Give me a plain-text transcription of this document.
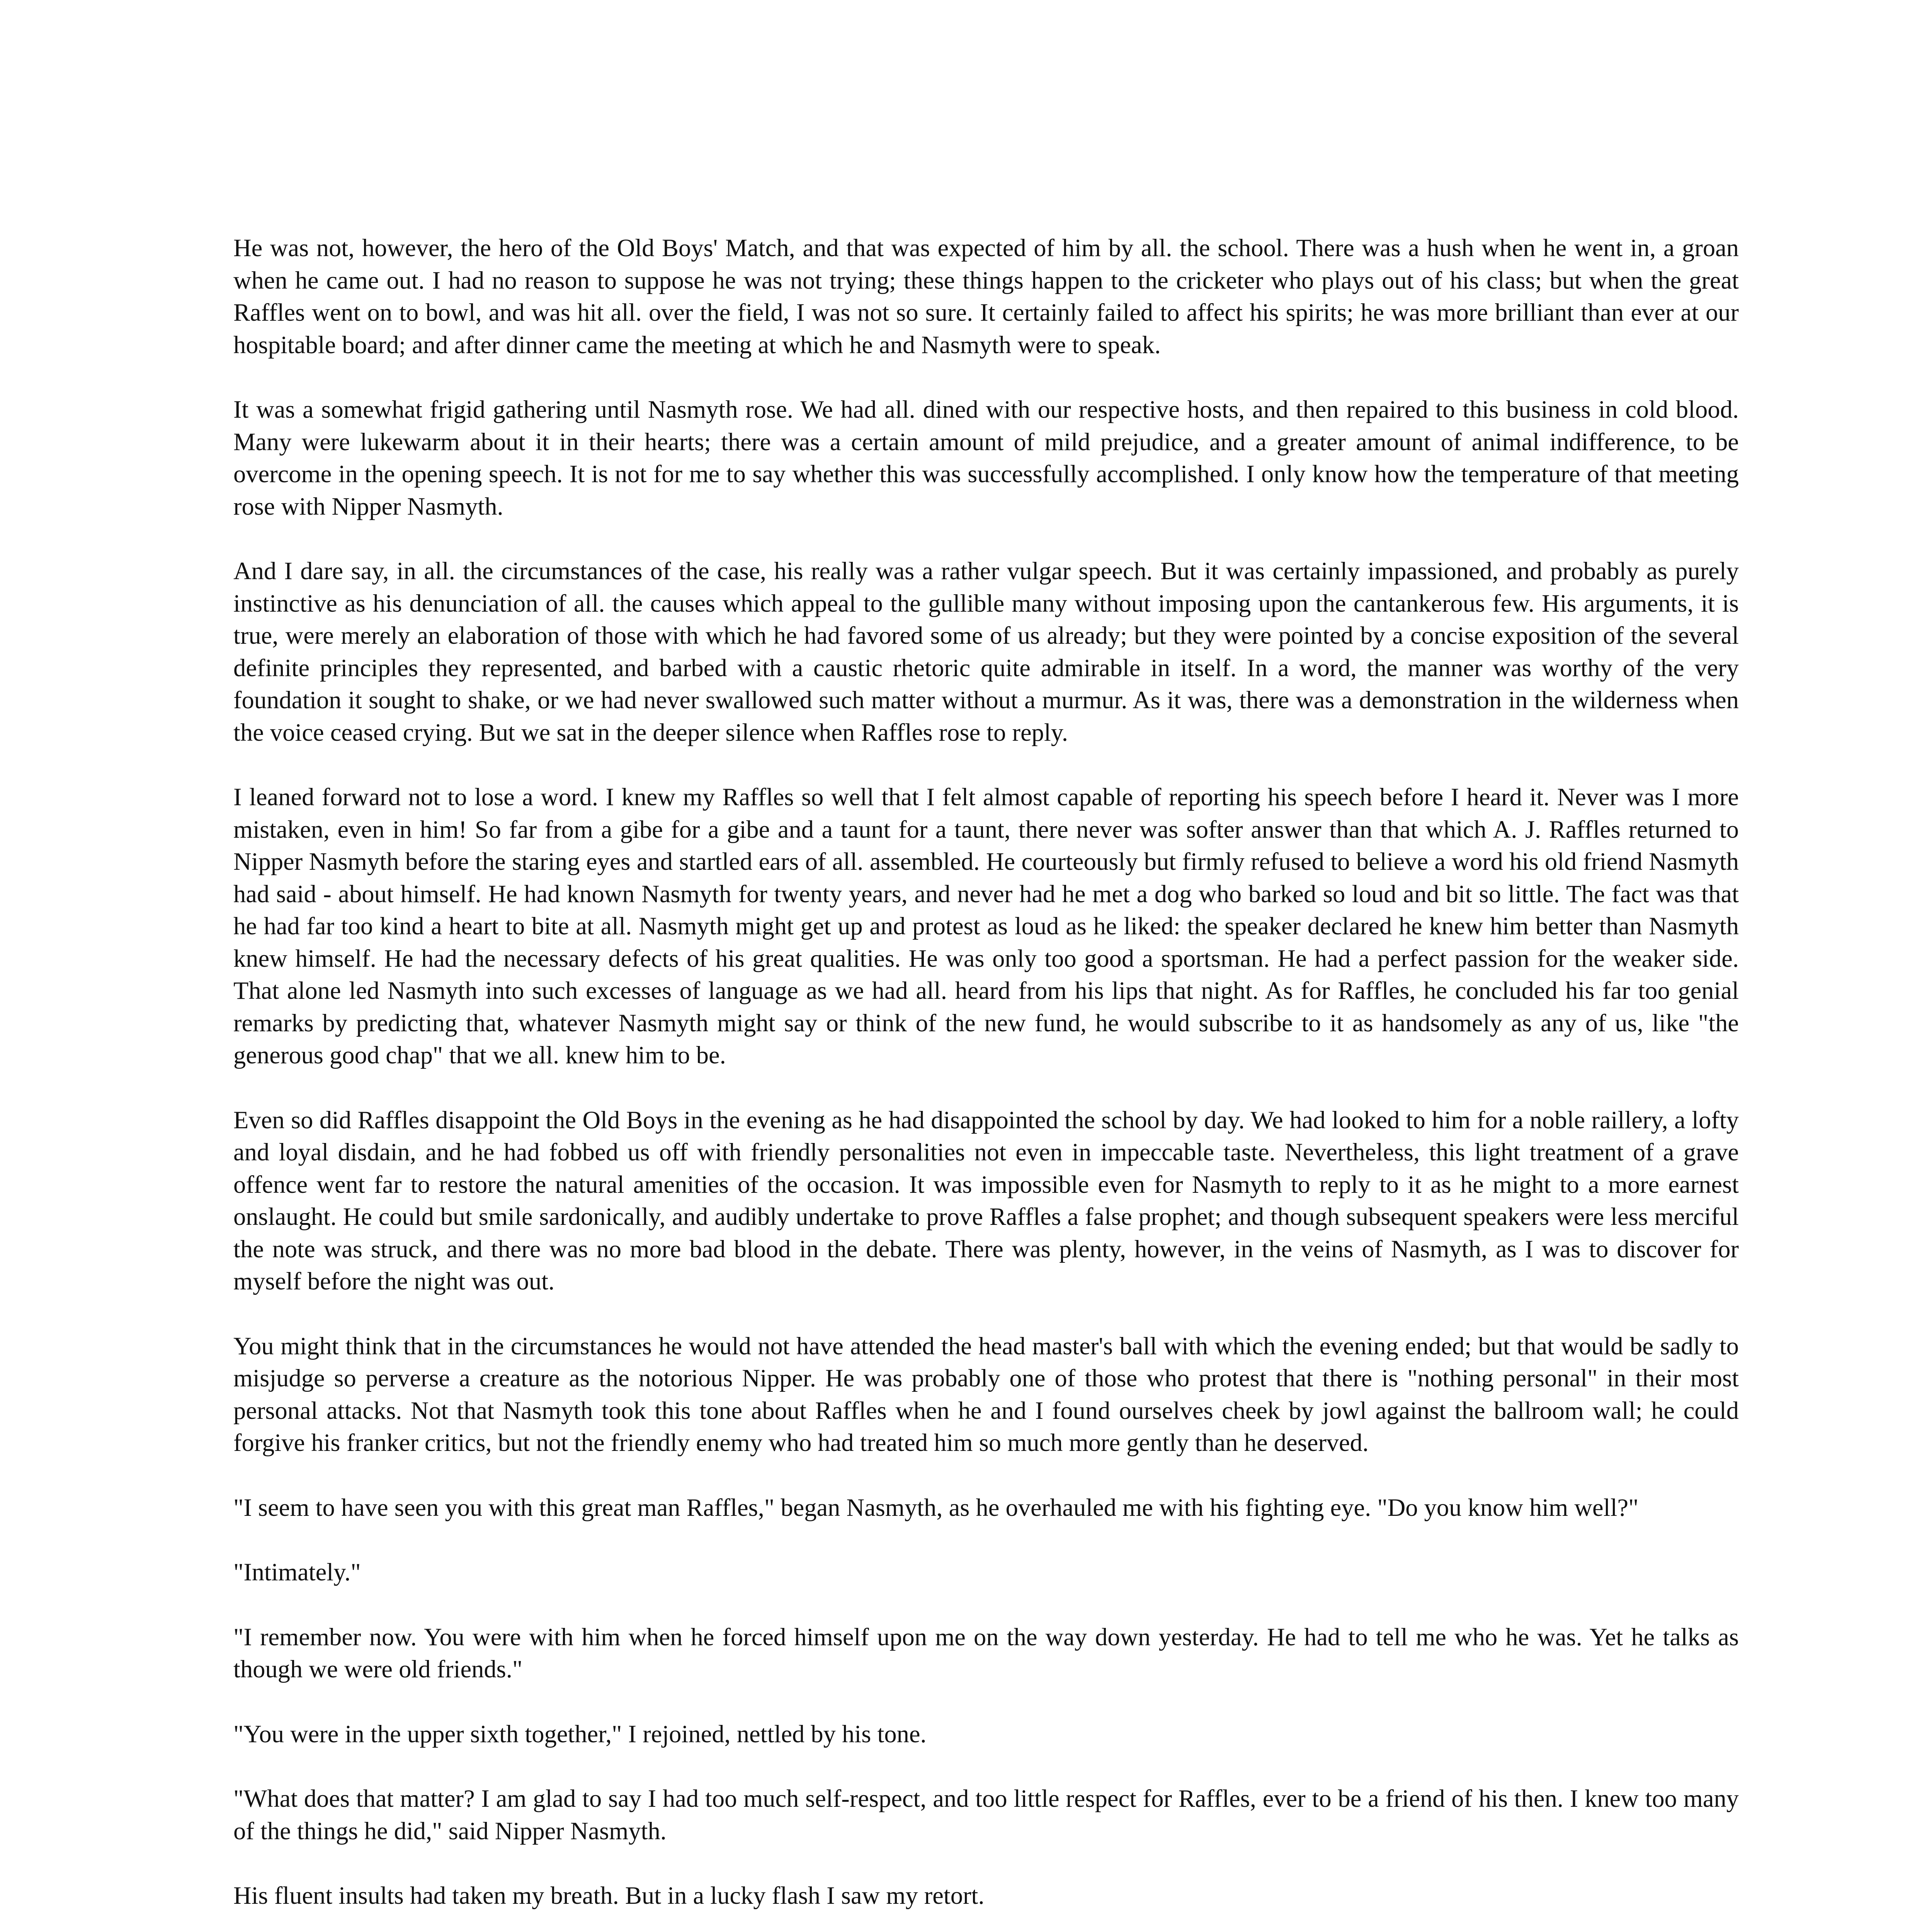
He was not, however, the hero of the Old Boys' Match, and that was expected of him by all. the school. There was a hush when he went in, a groan when he came out. I had no reason to suppose he was not trying; these things happen to the cricketer who plays out of his class; but when the great Raffles went on to bowl, and was hit all. over the field, I was not so sure. It certainly failed to affect his spirits; he was more brilliant than ever at our hospitable board; and after dinner came the meeting at which he and Nasmyth were to speak.

It was a somewhat frigid gathering until Nasmyth rose. We had all. dined with our respective hosts, and then repaired to this business in cold blood. Many were lukewarm about it in their hearts; there was a certain amount of mild prejudice, and a greater amount of animal indifference, to be overcome in the opening speech. It is not for me to say whether this was successfully accomplished. I only know how the temperature of that meeting rose with Nipper Nasmyth.

And I dare say, in all. the circumstances of the case, his really was a rather vulgar speech. But it was certainly impassioned, and probably as purely instinctive as his denunciation of all. the causes which appeal to the gullible many without imposing upon the cantankerous few. His arguments, it is true, were merely an elaboration of those with which he had favored some of us already; but they were pointed by a concise exposition of the several definite principles they represented, and barbed with a caustic rhetoric quite admirable in itself. In a word, the manner was worthy of the very foundation it sought to shake, or we had never swallowed such matter without a murmur. As it was, there was a demonstration in the wilderness when the voice ceased crying. But we sat in the deeper silence when Raffles rose to reply.

I leaned forward not to lose a word. I knew my Raffles so well that I felt almost capable of reporting his speech before I heard it. Never was I more mistaken, even in him! So far from a gibe for a gibe and a taunt for a taunt, there never was softer answer than that which A. J. Raffles returned to Nipper Nasmyth before the staring eyes and startled ears of all. assembled. He courteously but firmly refused to believe a word his old friend Nasmyth had said - about himself. He had known Nasmyth for twenty years, and never had he met a dog who barked so loud and bit so little. The fact was that he had far too kind a heart to bite at all. Nasmyth might get up and protest as loud as he liked: the speaker declared he knew him better than Nasmyth knew himself. He had the necessary defects of his great qualities. He was only too good a sportsman. He had a perfect passion for the weaker side. That alone led Nasmyth into such excesses of language as we had all. heard from his lips that night. As for Raffles, he concluded his far too genial remarks by predicting that, whatever Nasmyth might say or think of the new fund, he would subscribe to it as handsomely as any of us, like "the generous good chap" that we all. knew him to be.

Even so did Raffles disappoint the Old Boys in the evening as he had disappointed the school by day. We had looked to him for a noble raillery, a lofty and loyal disdain, and he had fobbed us off with friendly personalities not even in impeccable taste. Nevertheless, this light treatment of a grave offence went far to restore the natural amenities of the occasion. It was impossible even for Nasmyth to reply to it as he might to a more earnest onslaught. He could but smile sardonically, and audibly undertake to prove Raffles a false prophet; and though subsequent speakers were less merciful the note was struck, and there was no more bad blood in the debate. There was plenty, however, in the veins of Nasmyth, as I was to discover for myself before the night was out.

You might think that in the circumstances he would not have attended the head master's ball with which the evening ended; but that would be sadly to misjudge so perverse a creature as the notorious Nipper. He was probably one of those who protest that there is "nothing personal" in their most personal attacks. Not that Nasmyth took this tone about Raffles when he and I found ourselves cheek by jowl against the ballroom wall; he could forgive his franker critics, but not the friendly enemy who had treated him so much more gently than he deserved.

"I seem to have seen you with this great man Raffles," began Nasmyth, as he overhauled me with his fighting eye. "Do you know him well?"

"Intimately."

"I remember now. You were with him when he forced himself upon me on the way down yesterday. He had to tell me who he was. Yet he talks as though we were old friends."

"You were in the upper sixth together," I rejoined, nettled by his tone.

"What does that matter? I am glad to say I had too much self-respect, and too little respect for Raffles, ever to be a friend of his then. I knew too many of the things he did," said Nipper Nasmyth.

His fluent insults had taken my breath. But in a lucky flash I saw my retort.
